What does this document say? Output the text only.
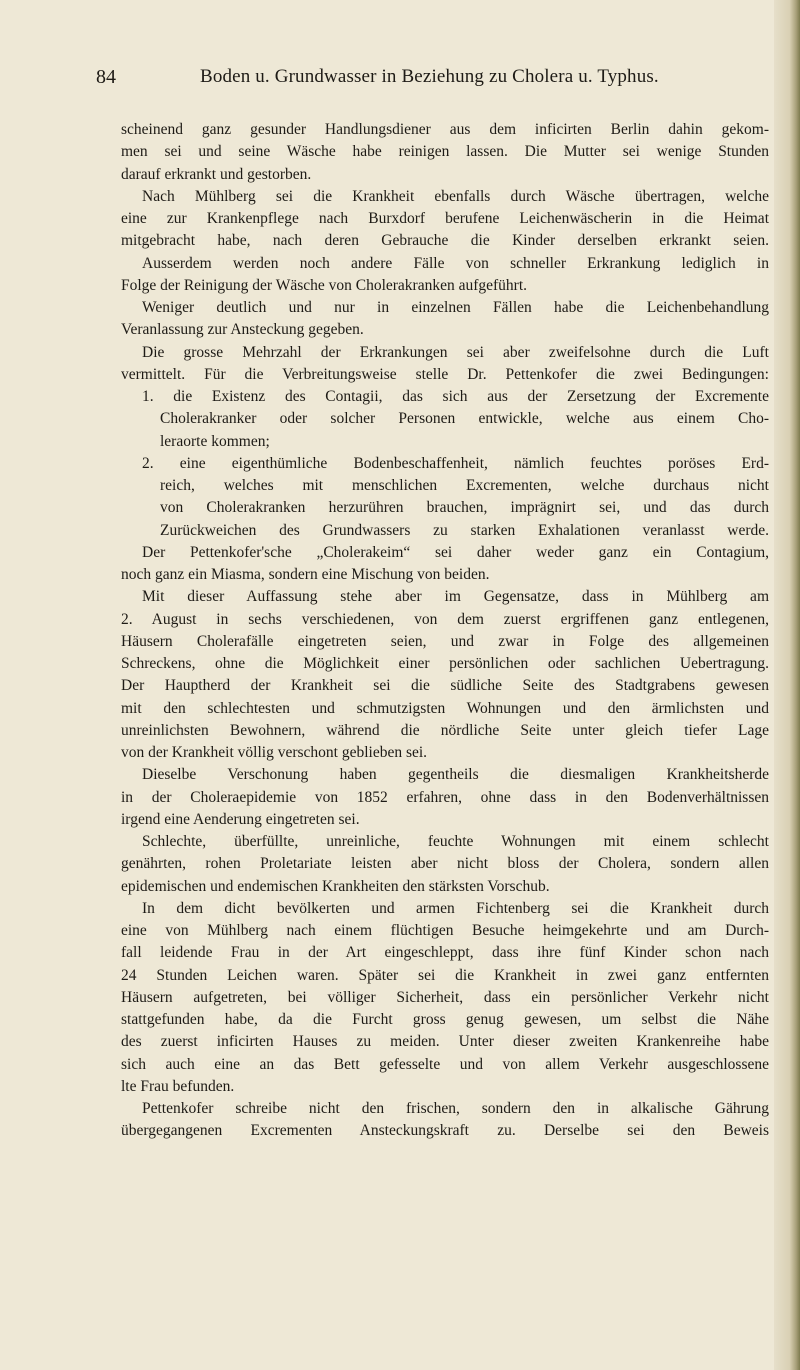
84	Boden u. Grundwasser in Beziehung zu Cholera u. Typhus.
scheinend ganz gesunder Handlungsdiener aus dem inficirten Berlin dahin gekom-
men sei und seine Wäsche habe reinigen lassen. Die Mutter sei wenige Stunden
darauf erkrankt und gestorben.
Nach Mühlberg sei die Krankheit ebenfalls durch Wäsche übertragen, welche
eine zur Krankenpflege nach Burxdorf berufene Leichenwäscherin in die Heimat
mitgebracht habe, nach deren Gebrauche die Kinder derselben erkrankt seien.
Ausserdem werden noch andere Fälle von schneller Erkrankung lediglich in
Folge der Reinigung der Wäsche von Cholerakranken aufgeführt.
Weniger deutlich und nur in einzelnen Fällen habe die Leichenbehandlung
Veranlassung zur Ansteckung gegeben.
Die grosse Mehrzahl der Erkrankungen sei aber zweifelsohne durch die Luft
vermittelt. Für die Verbreitungsweise stelle Dr. Pettenkofer die zwei Bedingungen:
1. die Existenz des Contagii, das sich aus der Zersetzung der Excremente
Cholerakranker oder solcher Personen entwickle, welche aus einem Cho-
leraorte kommen;
2. eine eigenthümliche Bodenbeschaffenheit, nämlich feuchtes poröses Erd-
reich, welches mit menschlichen Excrementen, welche durchaus nicht
von Cholerakranken herzurühren brauchen, imprägnirt sei, und das durch
Zurückweichen des Grundwassers zu starken Exhalationen veranlasst werde.
Der Pettenkofer'sche „Cholerakeim“ sei daher weder ganz ein Contagium,
noch ganz ein Miasma, sondern eine Mischung von beiden.
Mit dieser Auffassung stehe aber im Gegensatze, dass in Mühlberg am
2. August in sechs verschiedenen, von dem zuerst ergriffenen ganz entlegenen,
Häusern Cholerafälle eingetreten seien, und zwar in Folge des allgemeinen
Schreckens, ohne die Möglichkeit einer persönlichen oder sachlichen Uebertragung.
Der Hauptherd der Krankheit sei die südliche Seite des Stadtgrabens gewesen
mit den schlechtesten und schmutzigsten Wohnungen und den ärmlichsten und
unreinlichsten Bewohnern, während die nördliche Seite unter gleich tiefer Lage
von der Krankheit völlig verschont geblieben sei.
Dieselbe Verschonung haben gegentheils die diesmaligen Krankheitsherde
in der Choleraepidemie von 1852 erfahren, ohne dass in den Bodenverhältnissen
irgend eine Aenderung eingetreten sei.
Schlechte, überfüllte, unreinliche, feuchte Wohnungen mit einem schlecht
genährten, rohen Proletariate leisten aber nicht bloss der Cholera, sondern allen
epidemischen und endemischen Krankheiten den stärksten Vorschub.
In dem dicht bevölkerten und armen Fichtenberg sei die Krankheit durch
eine von Mühlberg nach einem flüchtigen Besuche heimgekehrte und am Durch-
fall leidende Frau in der Art eingeschleppt, dass ihre fünf Kinder schon nach
24 Stunden Leichen waren. Später sei die Krankheit in zwei ganz entfernten
Häusern aufgetreten, bei völliger Sicherheit, dass ein persönlicher Verkehr nicht
stattgefunden habe, da die Furcht gross genug gewesen, um selbst die Nähe
des zuerst inficirten Hauses zu meiden. Unter dieser zweiten Krankenreihe habe
sich auch eine an das Bett gefesselte und von allem Verkehr ausgeschlossene
lte Frau befunden.
Pettenkofer schreibe nicht den frischen, sondern den in alkalische Gährung
übergegangenen Excrementen Ansteckungskraft zu. Derselbe sei den Beweis
